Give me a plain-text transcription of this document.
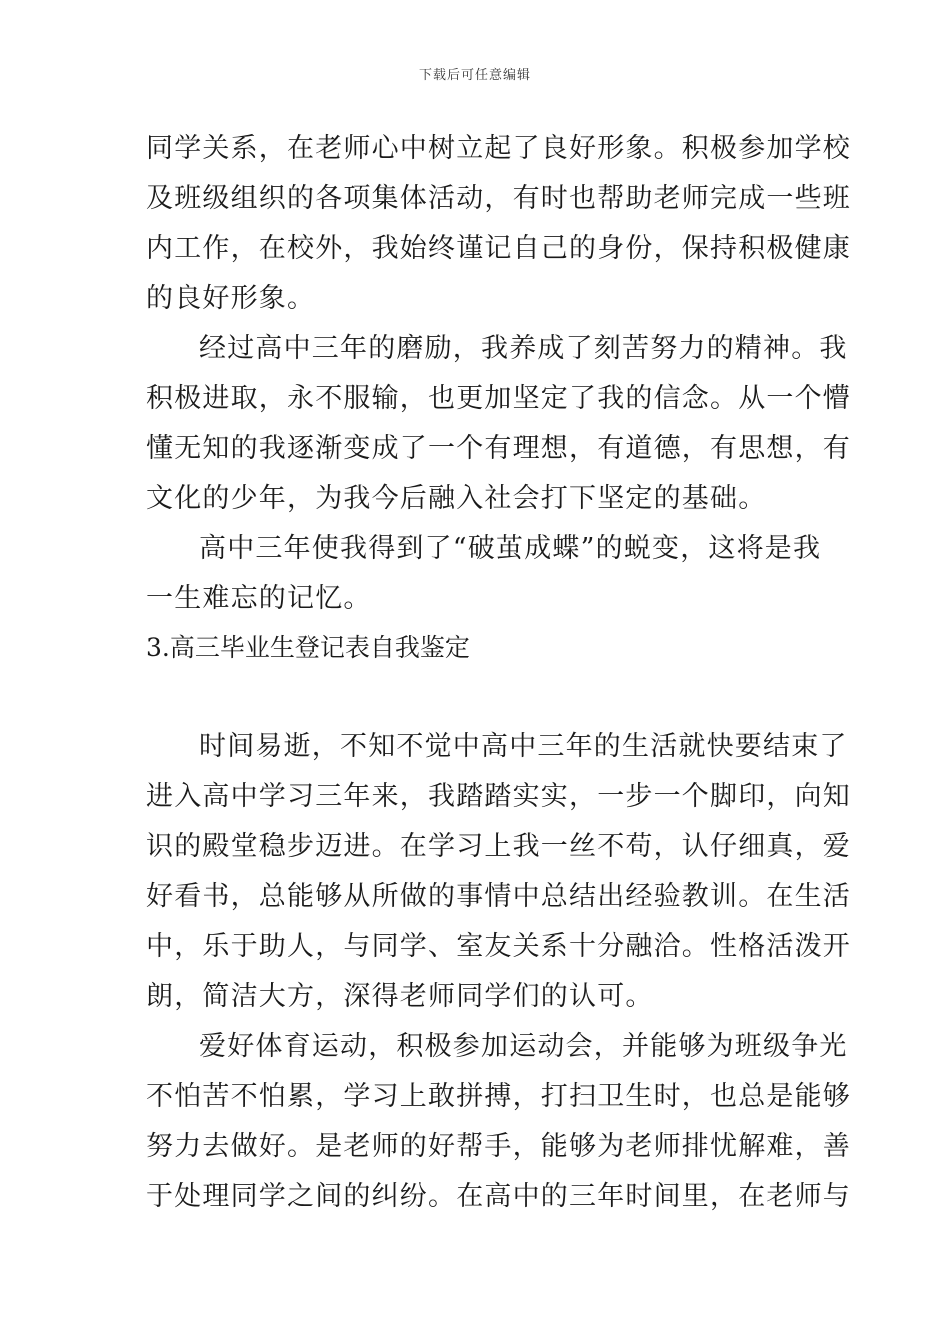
下载后可任意编辑
同学关系，在老师心中树立起了良好形象。积极参加学校
及班级组织的各项集体活动，有时也帮助老师完成一些班
内工作，在校外，我始终谨记自己的身份，保持积极健康
的良好形象。
经过高中三年的磨励，我养成了刻苦努力的精神。我
积极进取，永不服输，也更加坚定了我的信念。从一个懵
懂无知的我逐渐变成了一个有理想，有道德，有思想，有
文化的少年，为我今后融入社会打下坚定的基础。
高中三年使我得到了“破茧成蝶”的蜕变，这将是我
一生难忘的记忆。
3.高三毕业生登记表自我鉴定
时间易逝，不知不觉中高中三年的生活就快要结束了
进入高中学习三年来，我踏踏实实，一步一个脚印，向知
识的殿堂稳步迈进。在学习上我一丝不苟，认仔细真，爱
好看书，总能够从所做的事情中总结出经验教训。在生活
中，乐于助人，与同学、室友关系十分融洽。性格活泼开
朗，简洁大方，深得老师同学们的认可。
爱好体育运动，积极参加运动会，并能够为班级争光
不怕苦不怕累，学习上敢拼搏，打扫卫生时，也总是能够
努力去做好。是老师的好帮手，能够为老师排忧解难，善
于处理同学之间的纠纷。在高中的三年时间里，在老师与
